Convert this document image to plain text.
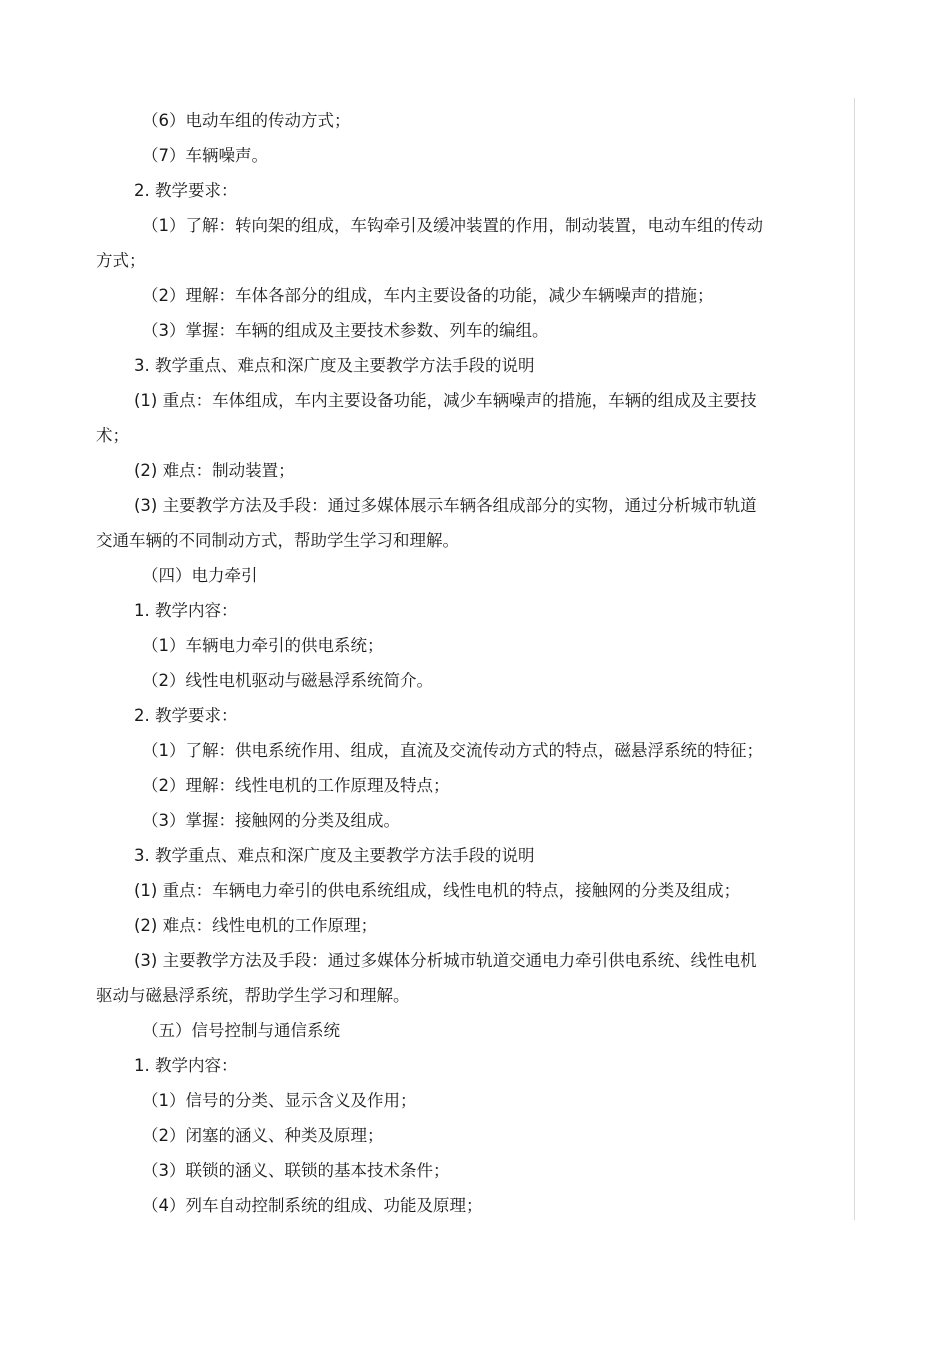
（6）电动车组的传动方式；
（7）车辆噪声。
2. 教学要求：
（1）了解：转向架的组成，车钩牵引及缓冲装置的作用，制动装置，电动车组的传动
方式；
（2）理解：车体各部分的组成，车内主要设备的功能，减少车辆噪声的措施；
（3）掌握：车辆的组成及主要技术参数、列车的编组。
3. 教学重点、难点和深广度及主要教学方法手段的说明
(1) 重点：车体组成，车内主要设备功能，减少车辆噪声的措施，车辆的组成及主要技
术；
(2) 难点：制动装置；
(3) 主要教学方法及手段：通过多媒体展示车辆各组成部分的实物，通过分析城市轨道
交通车辆的不同制动方式，帮助学生学习和理解。
（四）电力牵引
1. 教学内容：
（1）车辆电力牵引的供电系统；
（2）线性电机驱动与磁悬浮系统简介。
2. 教学要求：
（1）了解：供电系统作用、组成，直流及交流传动方式的特点，磁悬浮系统的特征；
（2）理解：线性电机的工作原理及特点；
（3）掌握：接触网的分类及组成。
3. 教学重点、难点和深广度及主要教学方法手段的说明
(1) 重点：车辆电力牵引的供电系统组成，线性电机的特点，接触网的分类及组成；
(2) 难点：线性电机的工作原理；
(3) 主要教学方法及手段：通过多媒体分析城市轨道交通电力牵引供电系统、线性电机
驱动与磁悬浮系统，帮助学生学习和理解。
（五）信号控制与通信系统
1. 教学内容：
（1）信号的分类、显示含义及作用；
（2）闭塞的涵义、种类及原理；
（3）联锁的涵义、联锁的基本技术条件；
（4）列车自动控制系统的组成、功能及原理；
